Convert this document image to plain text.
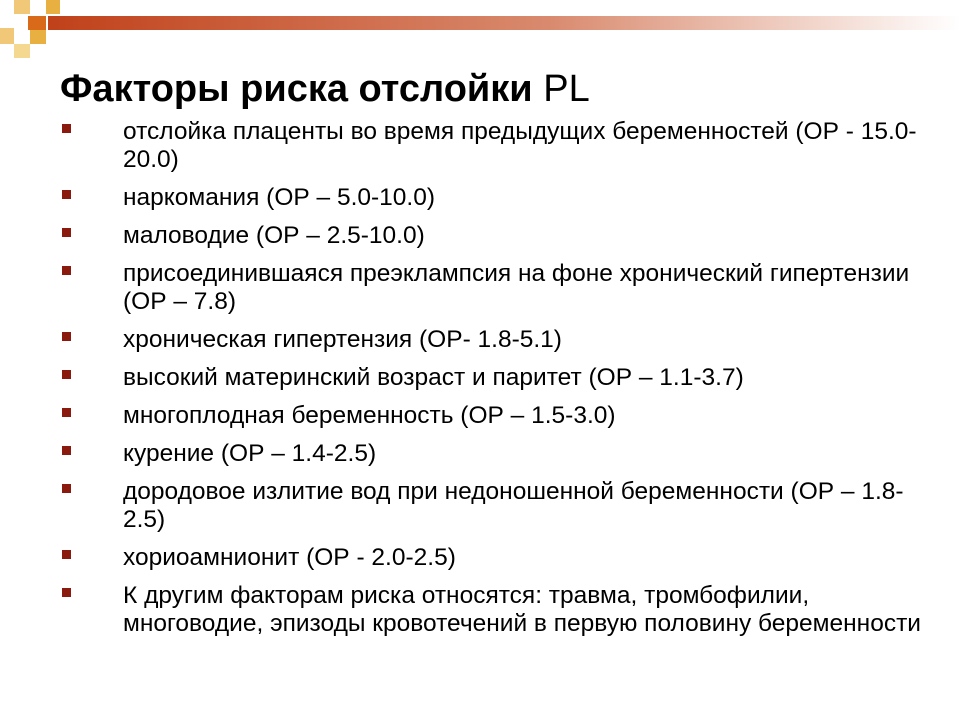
Факторы риска отслойки PL
отслойка плаценты во время предыдущих беременностей (ОР - 15.0-20.0)
наркомания (ОР – 5.0-10.0)
маловодие (ОР – 2.5-10.0)
присоединившаяся преэклампсия на фоне хронический гипертензии (ОР – 7.8)
хроническая гипертензия (ОР- 1.8-5.1)
высокий материнский возраст и паритет (ОР – 1.1-3.7)
многоплодная беременность (ОР – 1.5-3.0)
курение (ОР – 1.4-2.5)
дородовое излитие вод при недоношенной беременности (ОР – 1.8-2.5)
хориоамнионит (ОР - 2.0-2.5)
К другим факторам риска относятся: травма, тромбофилии, многоводие, эпизоды кровотечений в первую половину беременности
